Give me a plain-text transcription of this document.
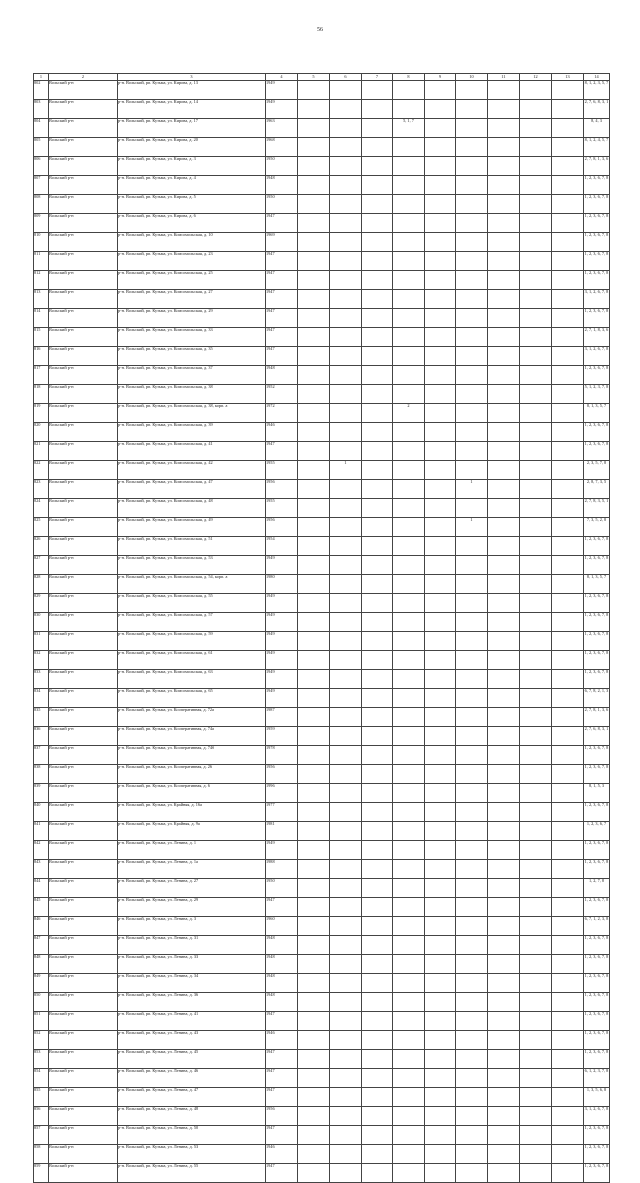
56
1	2	3	4	5	6	7	8	9	10	11	12	13	14
802	Вольский р-н	р-н. Вольский, рп. Кузьма, ул. Кирова, д. 13	1949										8, 1, 2, 3, 5, 7
803	Вольский р-н	р-н. Вольский, рп. Кузьма, ул. Кирова, д. 14	1949										2, 7, 6, 8, 3, 1
804	Вольский р-н	р-н. Вольский, рп. Кузьма, ул. Кирова, д. 17	1963				5, 1, 7						8, 4, 3
805	Вольский р-н	р-н. Вольский, рп. Кузьма, ул. Кирова, д. 20	1968										8, 1, 2, 4, 5, 7
806	Вольский р-н	р-н. Вольский, рп. Кузьма, ул. Кирова, д. 3	1950										2, 7, 8, 1, 3, 6
807	Вольский р-н	р-н. Вольский, рп. Кузьма, ул. Кирова, д. 4	1948										1, 2, 3, 6, 7, 8
808	Вольский р-н	р-н. Вольский, рп. Кузьма, ул. Кирова, д. 5	1950										1, 2, 3, 6, 7, 8
809	Вольский р-н	р-н. Вольский, рп. Кузьма, ул. Кирова, д. 6	1947										1, 2, 3, 6, 7, 8
810	Вольский р-н	р-н. Вольский, рп. Кузьма, ул. Комсомольская, д. 10	1969										1, 2, 3, 6, 7, 8
811	Вольский р-н	р-н. Вольский, рп. Кузьма, ул. Комсомольская, д. 23	1947										1, 2, 3, 6, 7, 8
812	Вольский р-н	р-н. Вольский, рп. Кузьма, ул. Комсомольская, д. 25	1947										1, 2, 3, 6, 7, 8
813	Вольский р-н	р-н. Вольский, рп. Кузьма, ул. Комсомольская, д. 27	1947										3, 1, 2, 6, 7, 8
814	Вольский р-н	р-н. Вольский, рп. Кузьма, ул. Комсомольская, д. 29	1947										1, 2, 3, 6, 7, 8
815	Вольский р-н	р-н. Вольский, рп. Кузьма, ул. Комсомольская, д. 33	1947										2, 7, 1, 8, 3, 6
816	Вольский р-н	р-н. Вольский, рп. Кузьма, ул. Комсомольская, д. 35	1947										3, 1, 2, 6, 7, 8
817	Вольский р-н	р-н. Вольский, рп. Кузьма, ул. Комсомольская, д. 37	1948										1, 2, 3, 6, 7, 8
818	Вольский р-н	р-н. Вольский, рп. Кузьма, ул. Комсомольская, д. 38	1952										5, 1, 2, 3, 7, 8
819	Вольский р-н	р-н. Вольский, рп. Кузьма, ул. Комсомольская, д. 38, корп. а	1972				2						8, 1, 3, 5, 7
820	Вольский р-н	р-н. Вольский, рп. Кузьма, ул. Комсомольская, д. 39	1946										1, 2, 3, 6, 7, 8
821	Вольский р-н	р-н. Вольский, рп. Кузьма, ул. Комсомольская, д. 41	1947										1, 2, 3, 6, 7, 8
822	Вольский р-н	р-н. Вольский, рп. Кузьма, ул. Комсомольская, д. 42	1955		1								2, 3, 5, 7, 8
823	Вольский р-н	р-н. Вольский, рп. Кузьма, ул. Комсомольская, д. 47	1956						1				2, 8, 7, 3, 5
824	Вольский р-н	р-н. Вольский, рп. Кузьма, ул. Комсомольская, д. 48	1955										2, 7, 8, 3, 5, 1
825	Вольский р-н	р-н. Вольский, рп. Кузьма, ул. Комсомольская, д. 49	1956						1				7, 3, 5, 2, 8
826	Вольский р-н	р-н. Вольский, рп. Кузьма, ул. Комсомольская, д. 51	1954										1, 2, 3, 6, 7, 8
827	Вольский р-н	р-н. Вольский, рп. Кузьма, ул. Комсомольская, д. 53	1949										1, 2, 3, 6, 7, 8
828	Вольский р-н	р-н. Вольский, рп. Кузьма, ул. Комсомольская, д. 54, корп. а	1980										8, 1, 3, 5, 7
829	Вольский р-н	р-н. Вольский, рп. Кузьма, ул. Комсомольская, д. 55	1949										1, 2, 3, 6, 7, 8
830	Вольский р-н	р-н. Вольский, рп. Кузьма, ул. Комсомольская, д. 57	1949										1, 2, 3, 6, 7, 8
831	Вольский р-н	р-н. Вольский, рп. Кузьма, ул. Комсомольская, д. 59	1949										1, 2, 3, 6, 7, 8
832	Вольский р-н	р-н. Вольский, рп. Кузьма, ул. Комсомольская, д. 61	1949										1, 2, 3, 6, 7, 8
833	Вольский р-н	р-н. Вольский, рп. Кузьма, ул. Комсомольская, д. 63	1949										1, 2, 3, 6, 7, 8
834	Вольский р-н	р-н. Вольский, рп. Кузьма, ул. Комсомольская, д. 65	1949										6, 7, 8, 2, 1, 3
835	Вольский р-н	р-н. Вольский, рп. Кузьма, ул. Кооперативная, д. 72а	1987										2, 7, 8, 1, 3, 6
836	Вольский р-н	р-н. Вольский, рп. Кузьма, ул. Кооперативная, д. 74а	1959										2, 7, 6, 8, 3, 1
837	Вольский р-н	р-н. Вольский, рп. Кузьма, ул. Кооперативная, д. 74б	1978										1, 2, 3, 6, 7, 8
838	Вольский р-н	р-н. Вольский, рп. Кузьма, ул. Кооперативная, д. 26	1956										1, 2, 3, 6, 7, 8
839	Вольский р-н	р-н. Вольский, рп. Кузьма, ул. Кооперативная, д. 6	1996										8, 1, 5, 3
840	Вольский р-н	р-н. Вольский, рп. Кузьма, ул. Крайняя, д. 16а	1977										1, 2, 3, 6, 7, 8
841	Вольский р-н	р-н. Вольский, рп. Кузьма, ул. Крайняя, д. 9а	1981										1, 2, 3, 6, 7
842	Вольский р-н	р-н. Вольский, рп. Кузьма, ул. Ленина, д. 1	1949										1, 2, 3, 6, 7, 8
843	Вольский р-н	р-н. Вольский, рп. Кузьма, ул. Ленина, д. 1а	1988										1, 2, 3, 6, 7, 8
844	Вольский р-н	р-н. Вольский, рп. Кузьма, ул. Ленина, д. 27	1950										1, 2, 7, 8
845	Вольский р-н	р-н. Вольский, рп. Кузьма, ул. Ленина, д. 29	1947										1, 2, 3, 6, 7, 8
846	Вольский р-н	р-н. Вольский, рп. Кузьма, ул. Ленина, д. 3	1960										6, 7, 1, 2, 3, 8
847	Вольский р-н	р-н. Вольский, рп. Кузьма, ул. Ленина, д. 31	1948										1, 2, 3, 6, 7, 8
848	Вольский р-н	р-н. Вольский, рп. Кузьма, ул. Ленина, д. 33	1948										1, 2, 3, 6, 7, 8
849	Вольский р-н	р-н. Вольский, рп. Кузьма, ул. Ленина, д. 34	1948										1, 2, 3, 6, 7, 8
850	Вольский р-н	р-н. Вольский, рп. Кузьма, ул. Ленина, д. 36	1948										1, 2, 3, 6, 7, 8
851	Вольский р-н	р-н. Вольский, рп. Кузьма, ул. Ленина, д. 41	1947										1, 2, 3, 6, 7, 8
852	Вольский р-н	р-н. Вольский, рп. Кузьма, ул. Ленина, д. 43	1946										1, 2, 3, 6, 7, 8
853	Вольский р-н	р-н. Вольский, рп. Кузьма, ул. Ленина, д. 45	1947										1, 2, 3, 6, 7, 8
854	Вольский р-н	р-н. Вольский, рп. Кузьма, ул. Ленина, д. 46	1947										6, 1, 2, 3, 7, 8
855	Вольский р-н	р-н. Вольский, рп. Кузьма, ул. Ленина, д. 47	1947										1, 3, 5, 6, 8
856	Вольский р-н	р-н. Вольский, рп. Кузьма, ул. Ленина, д. 48	1956										3, 1, 2, 6, 7, 8
857	Вольский р-н	р-н. Вольский, рп. Кузьма, ул. Ленина, д. 50	1947										1, 2, 3, 6, 7, 8
858	Вольский р-н	р-н. Вольский, рп. Кузьма, ул. Ленина, д. 53	1946										1, 2, 3, 6, 7, 8
859	Вольский р-н	р-н. Вольский, рп. Кузьма, ул. Ленина, д. 55	1947										1, 2, 3, 6, 7, 8
